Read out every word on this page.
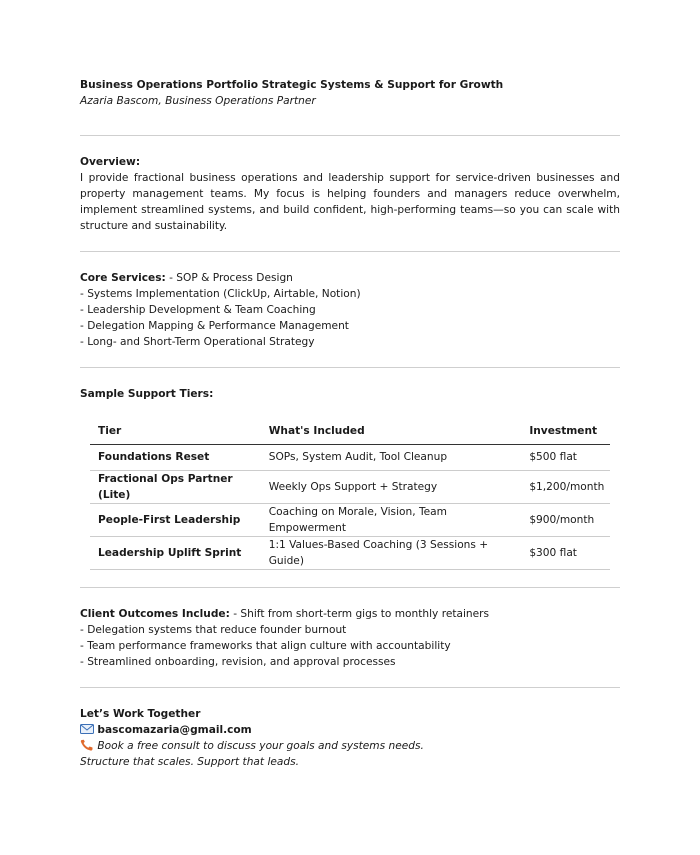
Business Operations Portfolio Strategic Systems & Support for Growth
Azaria Bascom, Business Operations Partner
Overview:
I provide fractional business operations and leadership support for service-driven businesses and property management teams. My focus is helping founders and managers reduce overwhelm, implement streamlined systems, and build confident, high-performing teams—so you can scale with structure and sustainability.
Core Services: - SOP & Process Design
- Systems Implementation (ClickUp, Airtable, Notion)
- Leadership Development & Team Coaching
- Delegation Mapping & Performance Management
- Long- and Short-Term Operational Strategy
Sample Support Tiers:
Tier	What's Included	Investment
Foundations Reset	SOPs, System Audit, Tool Cleanup	$500 flat
Fractional Ops Partner (Lite)	Weekly Ops Support + Strategy	$1,200/month
People-First Leadership	Coaching on Morale, Vision, Team Empowerment	$900/month
Leadership Uplift Sprint	1:1 Values-Based Coaching (3 Sessions + Guide)	$300 flat
Client Outcomes Include: - Shift from short-term gigs to monthly retainers
- Delegation systems that reduce founder burnout
- Team performance frameworks that align culture with accountability
- Streamlined onboarding, revision, and approval processes
Let’s Work Together
bascomazaria@gmail.com
Book a free consult to discuss your goals and systems needs.
Structure that scales. Support that leads.
